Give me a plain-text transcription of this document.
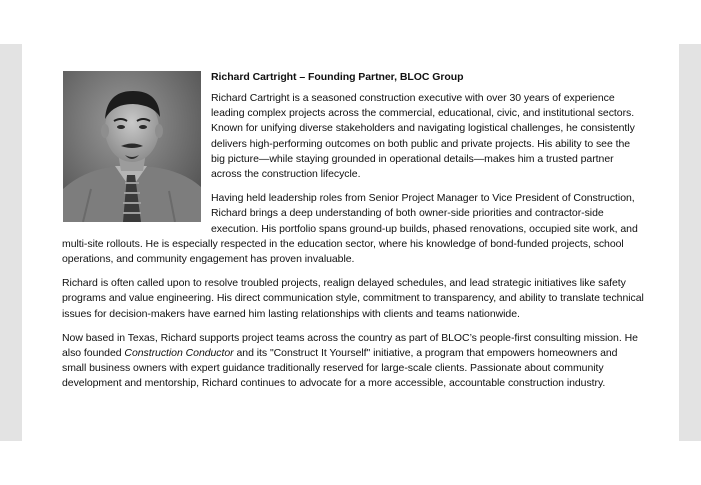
Richard Cartright – Founding Partner, BLOC Group

Richard Cartright is a seasoned construction executive with over 30 years of experience leading complex projects across the commercial, educational, civic, and institutional sectors. Known for unifying diverse stakeholders and navigating logistical challenges, he consistently delivers high-performing outcomes on both public and private projects. His ability to see the big picture—while staying grounded in operational details—makes him a trusted partner across the construction lifecycle.

Having held leadership roles from Senior Project Manager to Vice President of Construction, Richard brings a deep understanding of both owner-side priorities and contractor-side execution. His portfolio spans ground-up builds, phased renovations, occupied site work, and multi-site rollouts. He is especially respected in the education sector, where his knowledge of bond-funded projects, school operations, and community engagement has proven invaluable.

Richard is often called upon to resolve troubled projects, realign delayed schedules, and lead strategic initiatives like safety programs and value engineering. His direct communication style, commitment to transparency, and ability to translate technical issues for decision-makers have earned him lasting relationships with clients and teams nationwide.

Now based in Texas, Richard supports project teams across the country as part of BLOC’s people-first consulting mission. He also founded Construction Conductor and its "Construct It Yourself" initiative, a program that empowers homeowners and small business owners with expert guidance traditionally reserved for large-scale clients. Passionate about community development and mentorship, Richard continues to advocate for a more accessible, accountable construction industry.
